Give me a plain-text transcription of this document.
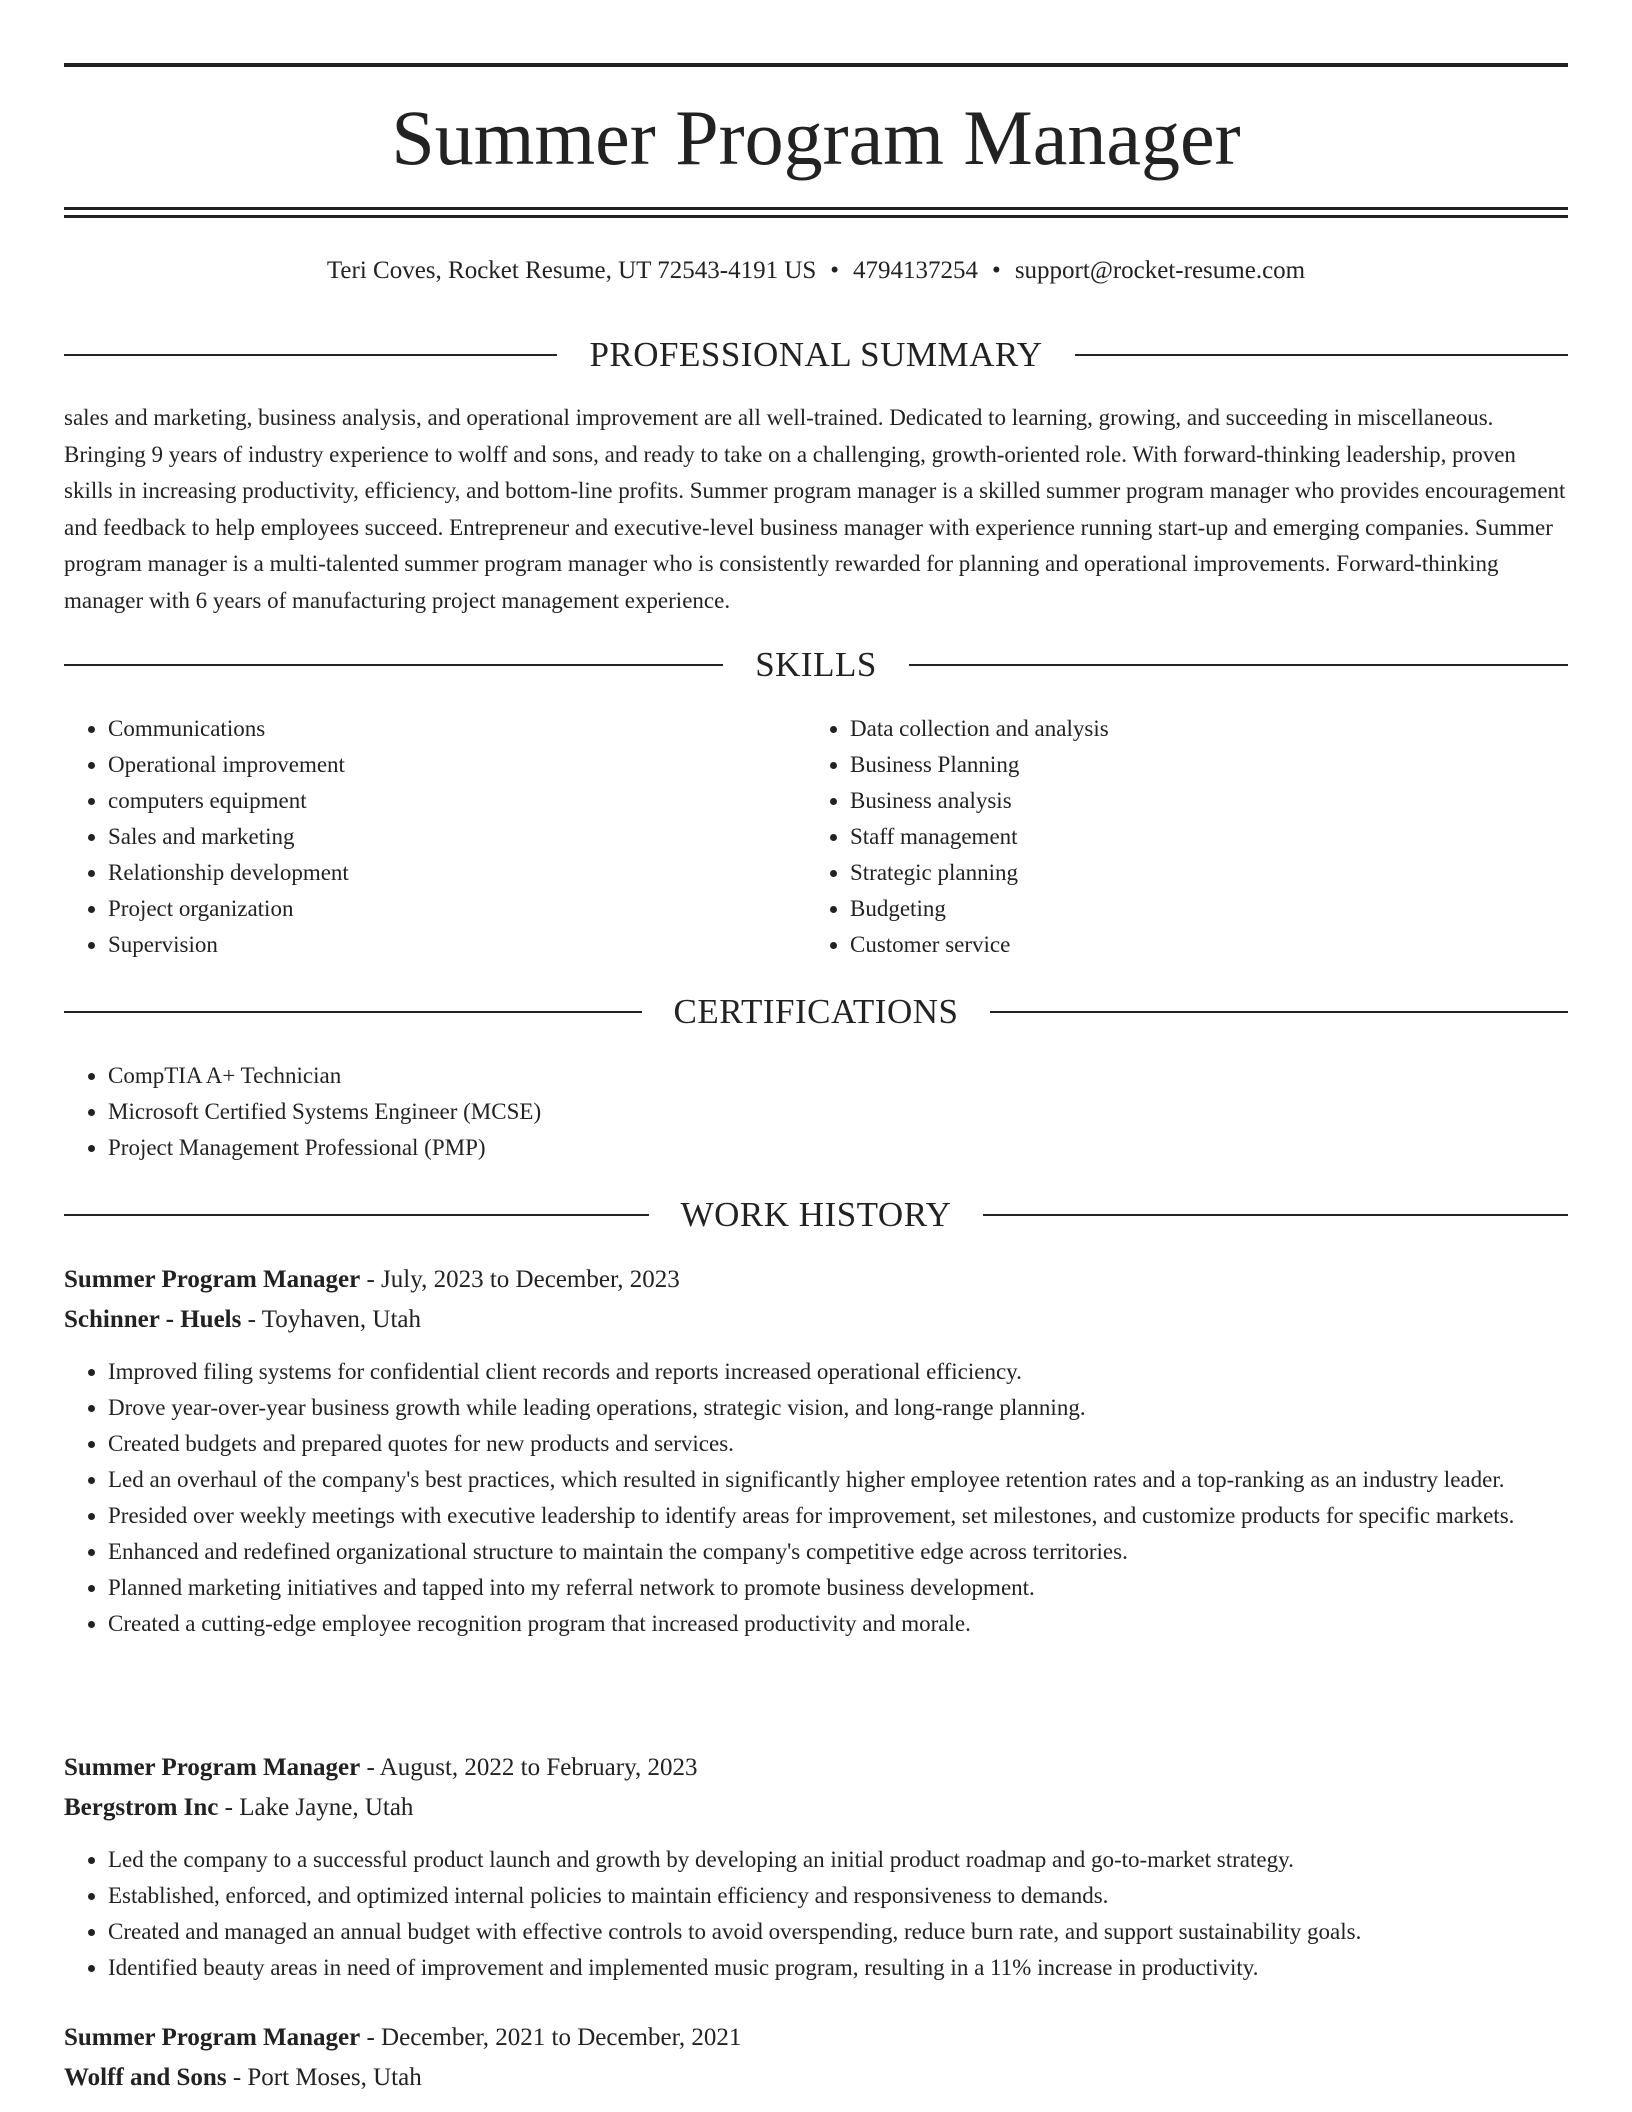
Summer Program Manager
Teri Coves, Rocket Resume, UT 72543-4191 US • 4794137254 • support@rocket-resume.com
PROFESSIONAL SUMMARY
sales and marketing, business analysis, and operational improvement are all well-trained. Dedicated to learning, growing, and succeeding in miscellaneous. Bringing 9 years of industry experience to wolff and sons, and ready to take on a challenging, growth-oriented role. With forward-thinking leadership, proven skills in increasing productivity, efficiency, and bottom-line profits. Summer program manager is a skilled summer program manager who provides encouragement and feedback to help employees succeed. Entrepreneur and executive-level business manager with experience running start-up and emerging companies. Summer program manager is a multi-talented summer program manager who is consistently rewarded for planning and operational improvements. Forward-thinking manager with 6 years of manufacturing project management experience.
SKILLS
• Communications
• Operational improvement
• computers equipment
• Sales and marketing
• Relationship development
• Project organization
• Supervision
• Data collection and analysis
• Business Planning
• Business analysis
• Staff management
• Strategic planning
• Budgeting
• Customer service
CERTIFICATIONS
• CompTIA A+ Technician
• Microsoft Certified Systems Engineer (MCSE)
• Project Management Professional (PMP)
WORK HISTORY
Summer Program Manager - July, 2023 to December, 2023
Schinner - Huels - Toyhaven, Utah
• Improved filing systems for confidential client records and reports increased operational efficiency.
• Drove year-over-year business growth while leading operations, strategic vision, and long-range planning.
• Created budgets and prepared quotes for new products and services.
• Led an overhaul of the company's best practices, which resulted in significantly higher employee retention rates and a top-ranking as an industry leader.
• Presided over weekly meetings with executive leadership to identify areas for improvement, set milestones, and customize products for specific markets.
• Enhanced and redefined organizational structure to maintain the company's competitive edge across territories.
• Planned marketing initiatives and tapped into my referral network to promote business development.
• Created a cutting-edge employee recognition program that increased productivity and morale.
Summer Program Manager - August, 2022 to February, 2023
Bergstrom Inc - Lake Jayne, Utah
• Led the company to a successful product launch and growth by developing an initial product roadmap and go-to-market strategy.
• Established, enforced, and optimized internal policies to maintain efficiency and responsiveness to demands.
• Created and managed an annual budget with effective controls to avoid overspending, reduce burn rate, and support sustainability goals.
• Identified beauty areas in need of improvement and implemented music program, resulting in a 11% increase in productivity.
Summer Program Manager - December, 2021 to December, 2021
Wolff and Sons - Port Moses, Utah
